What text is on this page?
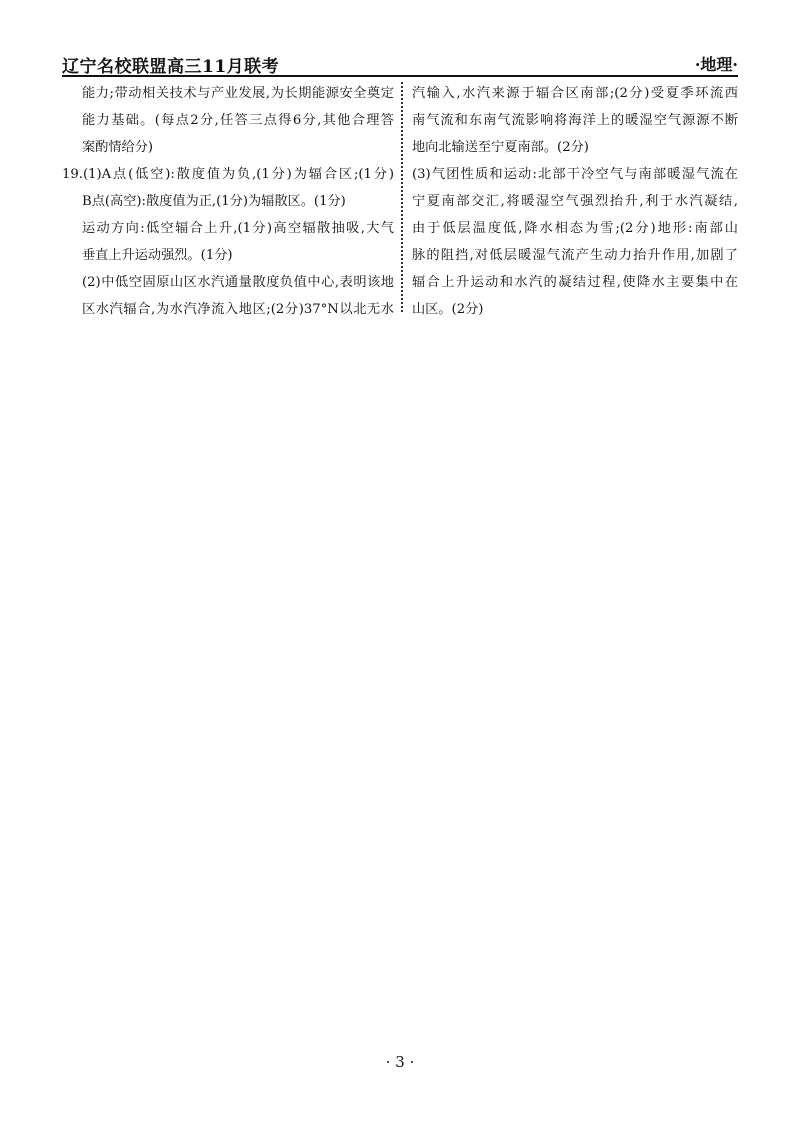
辽宁名校联盟高三11月联考	·地理·
能力;带动相关技术与产业发展,为长期能源安全奠定
能力基础。(每点2分,任答三点得6分,其他合理答
案酌情给分)
19.(1)A点(低空):散度值为负,(1分)为辐合区;(1分)
B点(高空):散度值为正,(1分)为辐散区。(1分)
运动方向:低空辐合上升,(1分)高空辐散抽吸,大气
垂直上升运动强烈。(1分)
(2)中低空固原山区水汽通量散度负值中心,表明该地
区水汽辐合,为水汽净流入地区;(2分)37°N以北无水
汽输入,水汽来源于辐合区南部;(2分)受夏季环流西
南气流和东南气流影响将海洋上的暖湿空气源源不断
地向北输送至宁夏南部。(2分)
(3)气团性质和运动:北部干冷空气与南部暖湿气流在
宁夏南部交汇,将暖湿空气强烈抬升,利于水汽凝结,
由于低层温度低,降水相态为雪;(2分)地形:南部山
脉的阻挡,对低层暖湿气流产生动力抬升作用,加剧了
辐合上升运动和水汽的凝结过程,使降水主要集中在
山区。(2分)
· 3 ·
